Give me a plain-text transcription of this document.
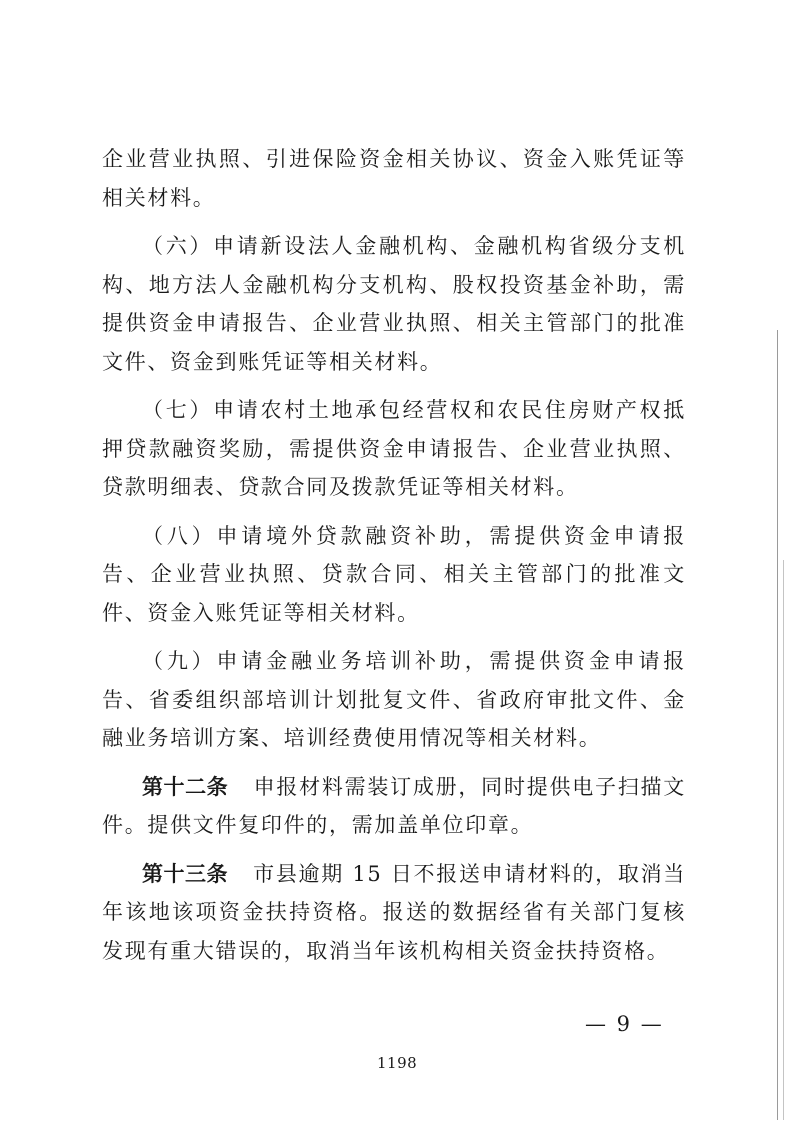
企业营业执照、引进保险资金相关协议、资金入账凭证等相关材料。

（六）申请新设法人金融机构、金融机构省级分支机构、地方法人金融机构分支机构、股权投资基金补助，需提供资金申请报告、企业营业执照、相关主管部门的批准文件、资金到账凭证等相关材料。

（七）申请农村土地承包经营权和农民住房财产权抵押贷款融资奖励，需提供资金申请报告、企业营业执照、贷款明细表、贷款合同及拨款凭证等相关材料。

（八）申请境外贷款融资补助，需提供资金申请报告、企业营业执照、贷款合同、相关主管部门的批准文件、资金入账凭证等相关材料。

（九）申请金融业务培训补助，需提供资金申请报告、省委组织部培训计划批复文件、省政府审批文件、金融业务培训方案、培训经费使用情况等相关材料。

第十二条 申报材料需装订成册，同时提供电子扫描文件。提供文件复印件的，需加盖单位印章。

第十三条 市县逾期 15 日不报送申请材料的，取消当年该地该项资金扶持资格。报送的数据经省有关部门复核发现有重大错误的，取消当年该机构相关资金扶持资格。

— 9 —
1198
